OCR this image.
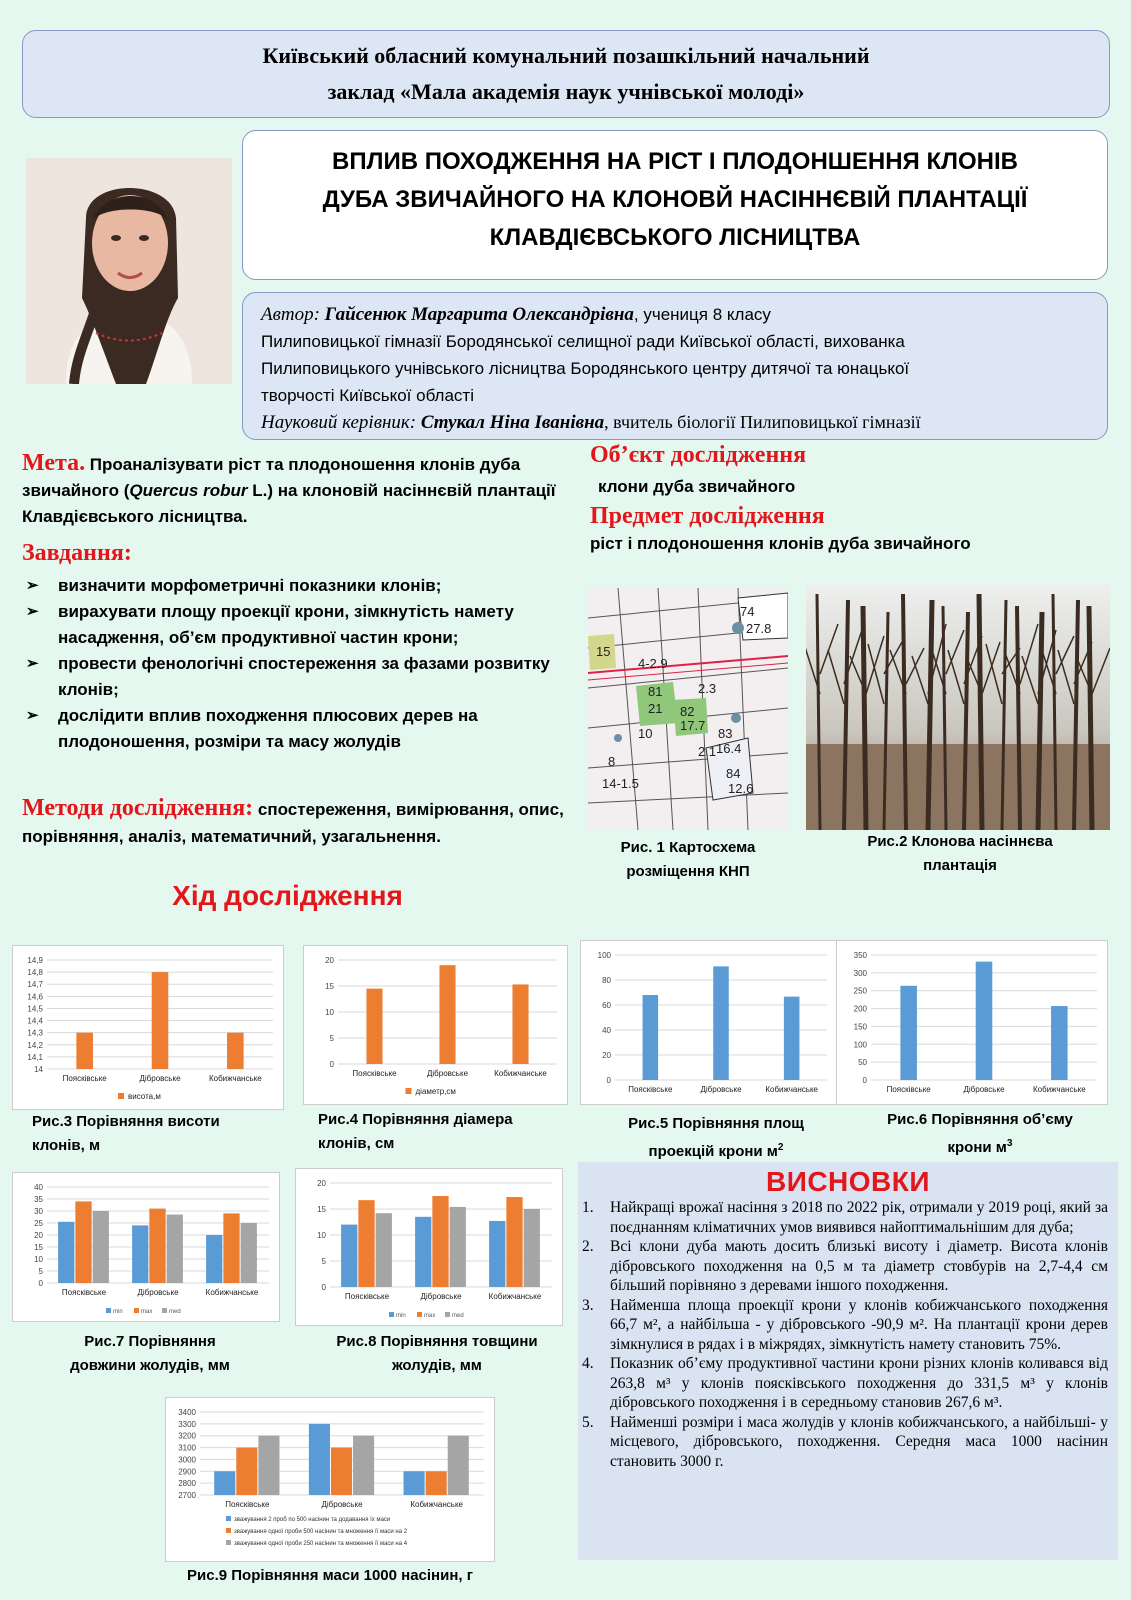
Київський обласний комунальний позашкільний начальний
заклад «Мала академія наук учнівської молоді»
ВПЛИВ ПОХОДЖЕННЯ НА РІСТ І ПЛОДОНШЕННЯ КЛОНІВ
ДУБА ЗВИЧАЙНОГО НА КЛОНОВЙ НАСІННЄВІЙ ПЛАНТАЦІЇ
КЛАВДІЄВСЬКОГО ЛІСНИЦТВА
Автор: Гайсенюк Маргарита Олександрівна, учениця 8 класу
Пилиповицької гімназії Бородянської селищної ради Київської області, вихованка
Пилиповицького учнівського лісництва Бородянського центру дитячої та юнацької
творчості Київської області
Науковий керівник: Стукал Ніна Іванівна, вчитель біології Пилиповицької гімназії
Мета. Проаналізувати ріст та плодоношення клонів дуба звичайного (Quercus robur L.) на клоновій насіннєвій плантації Клавдієвського лісництва.
Завдання:
➢ визначити морфометричні показники клонів;
➢ вирахувати площу проекції крони, зімкнутість намету насадження, об’єм продуктивної частин крони;
➢ провести фенологічні спостереження за фазами розвитку клонів;
➢ дослідити вплив походження плюсових дерев на плодоношення, розміри та масу жолудів
Методи дослідження: спостереження, вимірювання, опис, порівняння, аналіз, математичний, узагальнення.
Об’єкт дослідження
клони дуба звичайного
Предмет дослідження
ріст і плодоношення клонів дуба звичайного
74
27.8
81
21 82
17.7
83
16.4
84
12.6
15
10
4-2.9
2.3
2.1
8
14-1.5
Рис. 1 Картосхема
розміщення КНП
Рис.2 Клонова насіннєва
плантація
Хід дослідження
14
14,1
14,2
14,3
14,4
14,5
14,6
14,7
14,8
14,9
Поясківське	Дібровське	Кобижчанське
висота,м
0
5
10
15
20
Поясківське	Дібровське	Кобижчанське
діаметр,см
0
20
40
60
80
100
Поясківське	Дібровське	Кобижчанське
0
50
100
150
200
250
300
350
Поясківське	Дібровське	Кобижчанське
Рис.3 Порівняння висоти
клонів, м
Рис.4 Порівняння діамера
клонів, см
Рис.5 Порівняння площ
проекцій крони $м^2$
Рис.6 Порівняння об’єму
крони $м^3$
0
5
10
15
20
25
30
35
40
Поясківське	Дібровське	Кобижчанське
min	max	med
0
5
10
15
20
Поясківське	Дібровське	Кобижчанське
min	max	med
Рис.7 Порівняння
довжини жолудів, мм
Рис.8 Порівняння товщини
жолудів, мм
2700
2800
2900
3000
3100
3200
3300
3400
Поясківське	Дібровське	Кобижчанське
зважування 2 проб по 500 насінин та додавання їх маси
зважування одної проби 500 насінин та множення її маси на 2
зважування одної проби 250 насінин та множення її маси на 4
Рис.9 Порівняння маси 1000 насінин, г
ВИСНОВКИ
1. Найкращі врожаї насіння з 2018 по 2022 рік, отримали у 2019 році, який за поєднанням кліматичних умов виявився найоптимальнішим для дуба;
2. Всі клони дуба мають досить близькі висоту і діаметр. Висота клонів дібровського походження на 0,5 м та діаметр стовбурів на 2,7-4,4 см більший порівняно з деревами іншого походження.
3. Найменша площа проекції крони у клонів кобижчанського походження 66,7 м², а найбільша - у дібровського -90,9 м². На плантації крони дерев зімкнулися в рядах і в міжрядях, зімкнутість намету становить 75%.
4. Показник об’єму продуктивної частини крони різних клонів коливався від 263,8 м³ у клонів поясківського походження до 331,5 м³ у клонів дібровського походження і в середньому становив 267,6 м³.
5. Найменші розміри і маса жолудів у клонів кобижчанського, а найбільші- у місцевого, дібровського, походження. Середня маса 1000 насінин становить 3000 г.
